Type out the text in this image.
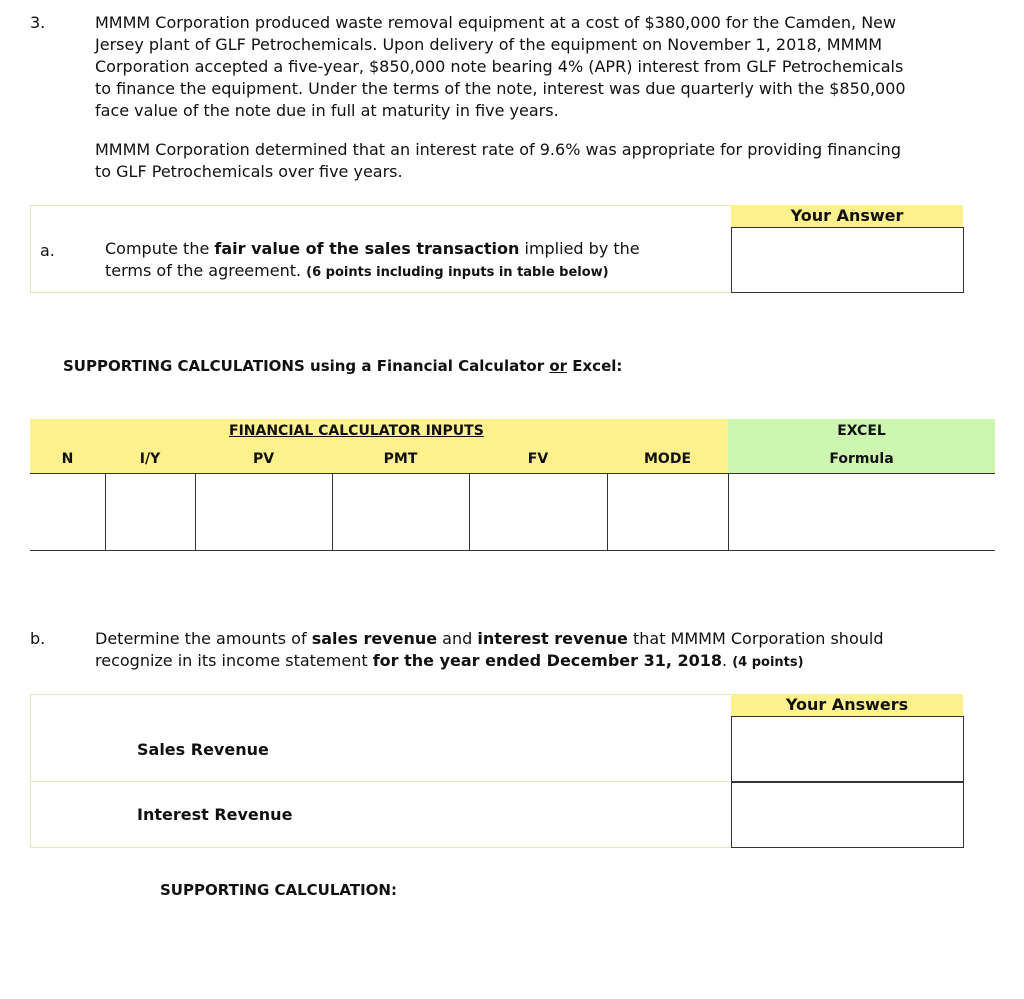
3.	MMMM Corporation produced waste removal equipment at a cost of $380,000 for the Camden, New
Jersey plant of GLF Petrochemicals. Upon delivery of the equipment on November 1, 2018, MMMM
Corporation accepted a five-year, $850,000 note bearing 4% (APR) interest from GLF Petrochemicals
to finance the equipment. Under the terms of the note, interest was due quarterly with the $850,000
face value of the note due in full at maturity in five years.
MMMM Corporation determined that an interest rate of 9.6% was appropriate for providing financing
to GLF Petrochemicals over five years.
Your Answer
a.	Compute the fair value of the sales transaction implied by the
terms of the agreement. (6 points including inputs in table below)
SUPPORTING CALCULATIONS using a Financial Calculator or Excel:
FINANCIAL CALCULATOR INPUTS	EXCEL
N	I/Y	PV	PMT	FV	MODE	Formula
b.	Determine the amounts of sales revenue and interest revenue that MMMM Corporation should
recognize in its income statement for the year ended December 31, 2018. (4 points)
Your Answers
Sales Revenue
Interest Revenue
SUPPORTING CALCULATION:
